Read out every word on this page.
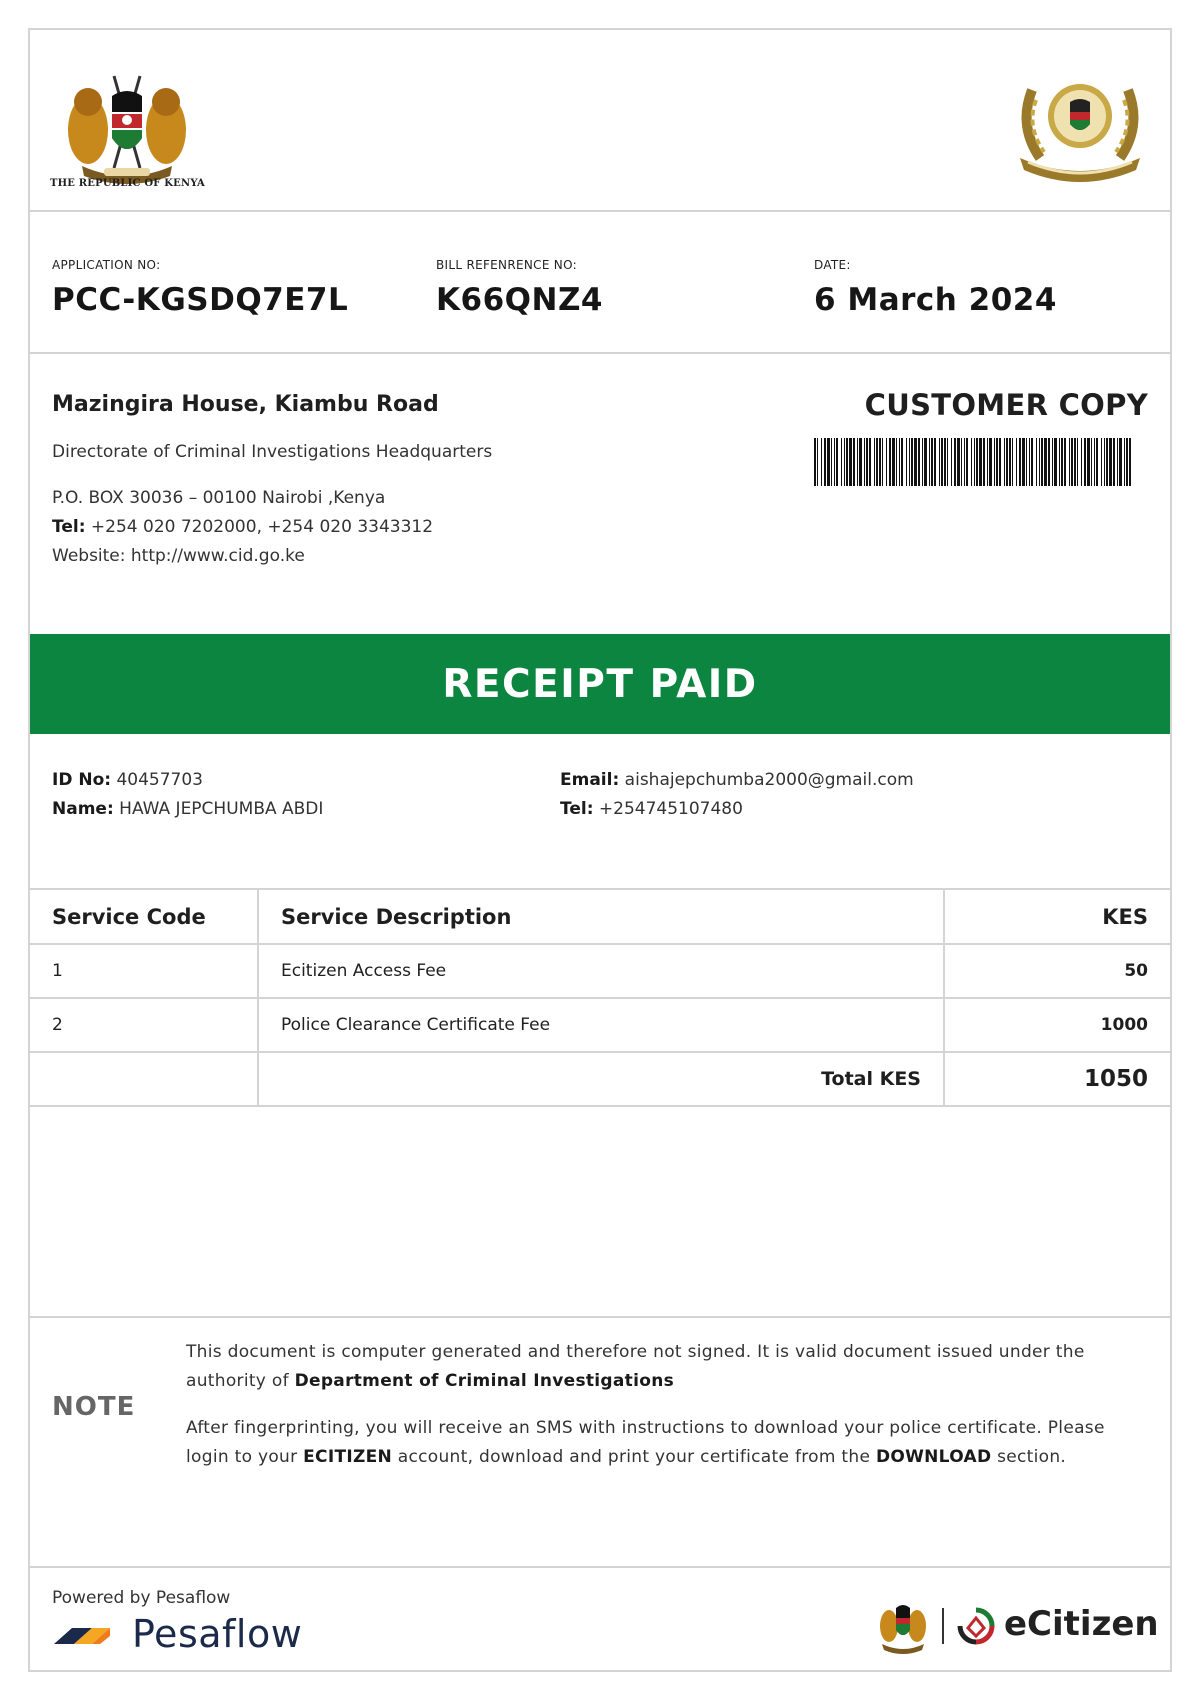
THE REPUBLIC OF KENYA
APPLICATION NO:
PCC-KGSDQ7E7L
BILL REFENRENCE NO:
K66QNZ4
DATE:
6 March 2024
Mazingira House, Kiambu Road
Directorate of Criminal Investigations Headquarters
P.O. BOX 30036 – 00100 Nairobi ,Kenya
Tel: +254 020 7202000, +254 020 3343312
Website: http://www.cid.go.ke
CUSTOMER COPY
RECEIPT PAID
ID No: 40457703
Name: HAWA JEPCHUMBA ABDI
Email: aishajepchumba2000@gmail.com
Tel: +254745107480
Service Code	Service Description	KES
1	Ecitizen Access Fee	50
2	Police Clearance Certificate Fee	1000
	Total KES	1050
NOTE
This document is computer generated and therefore not signed. It is valid document issued under the authority of Department of Criminal Investigations
After fingerprinting, you will receive an SMS with instructions to download your police certificate. Please login to your ECITIZEN account, download and print your certificate from the DOWNLOAD section.
Powered by Pesaflow
Pesaflow	eCitizen
